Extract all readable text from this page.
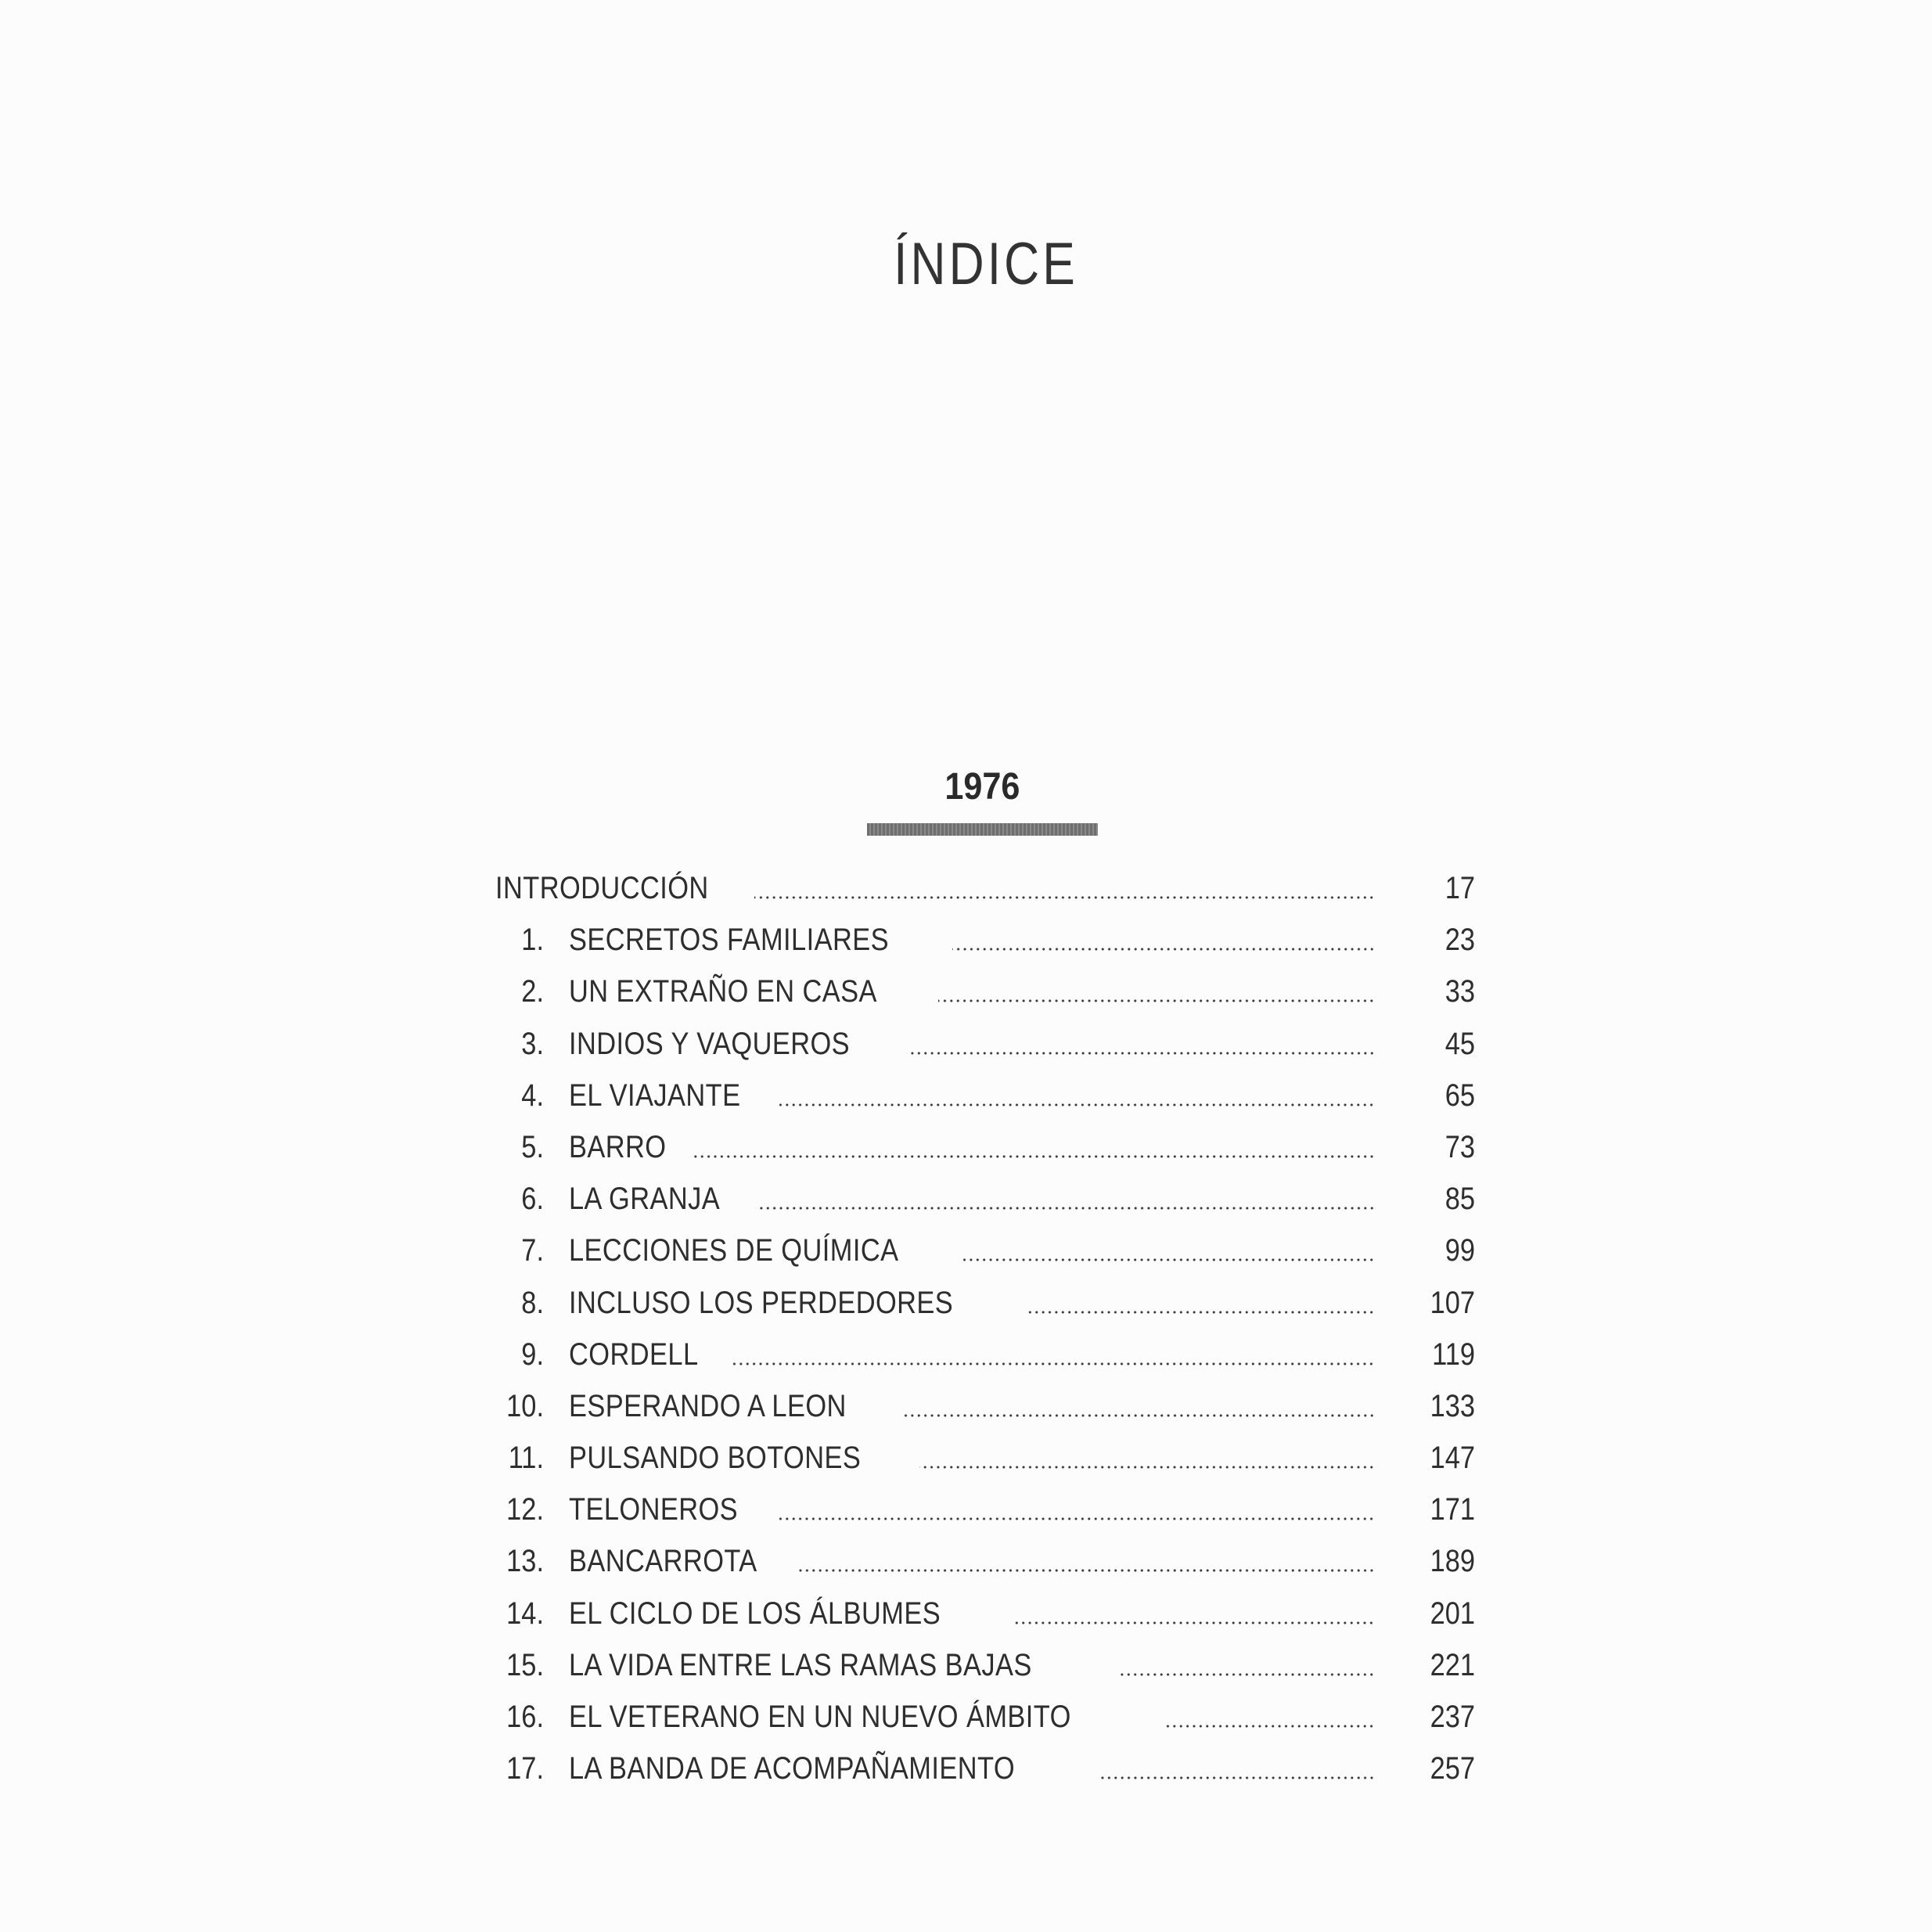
ÍNDICE
1976
INTRODUCCIÓN	17
1. SECRETOS FAMILIARES	23
2. UN EXTRAÑO EN CASA	33
3. INDIOS Y VAQUEROS	45
4. EL VIAJANTE	65
5. BARRO	73
6. LA GRANJA	85
7. LECCIONES DE QUÍMICA	99
8. INCLUSO LOS PERDEDORES	107
9. CORDELL	119
10. ESPERANDO A LEON	133
11. PULSANDO BOTONES	147
12. TELONEROS	171
13. BANCARROTA	189
14. EL CICLO DE LOS ÁLBUMES	201
15. LA VIDA ENTRE LAS RAMAS BAJAS	221
16. EL VETERANO EN UN NUEVO ÁMBITO	237
17. LA BANDA DE ACOMPAÑAMIENTO	257
